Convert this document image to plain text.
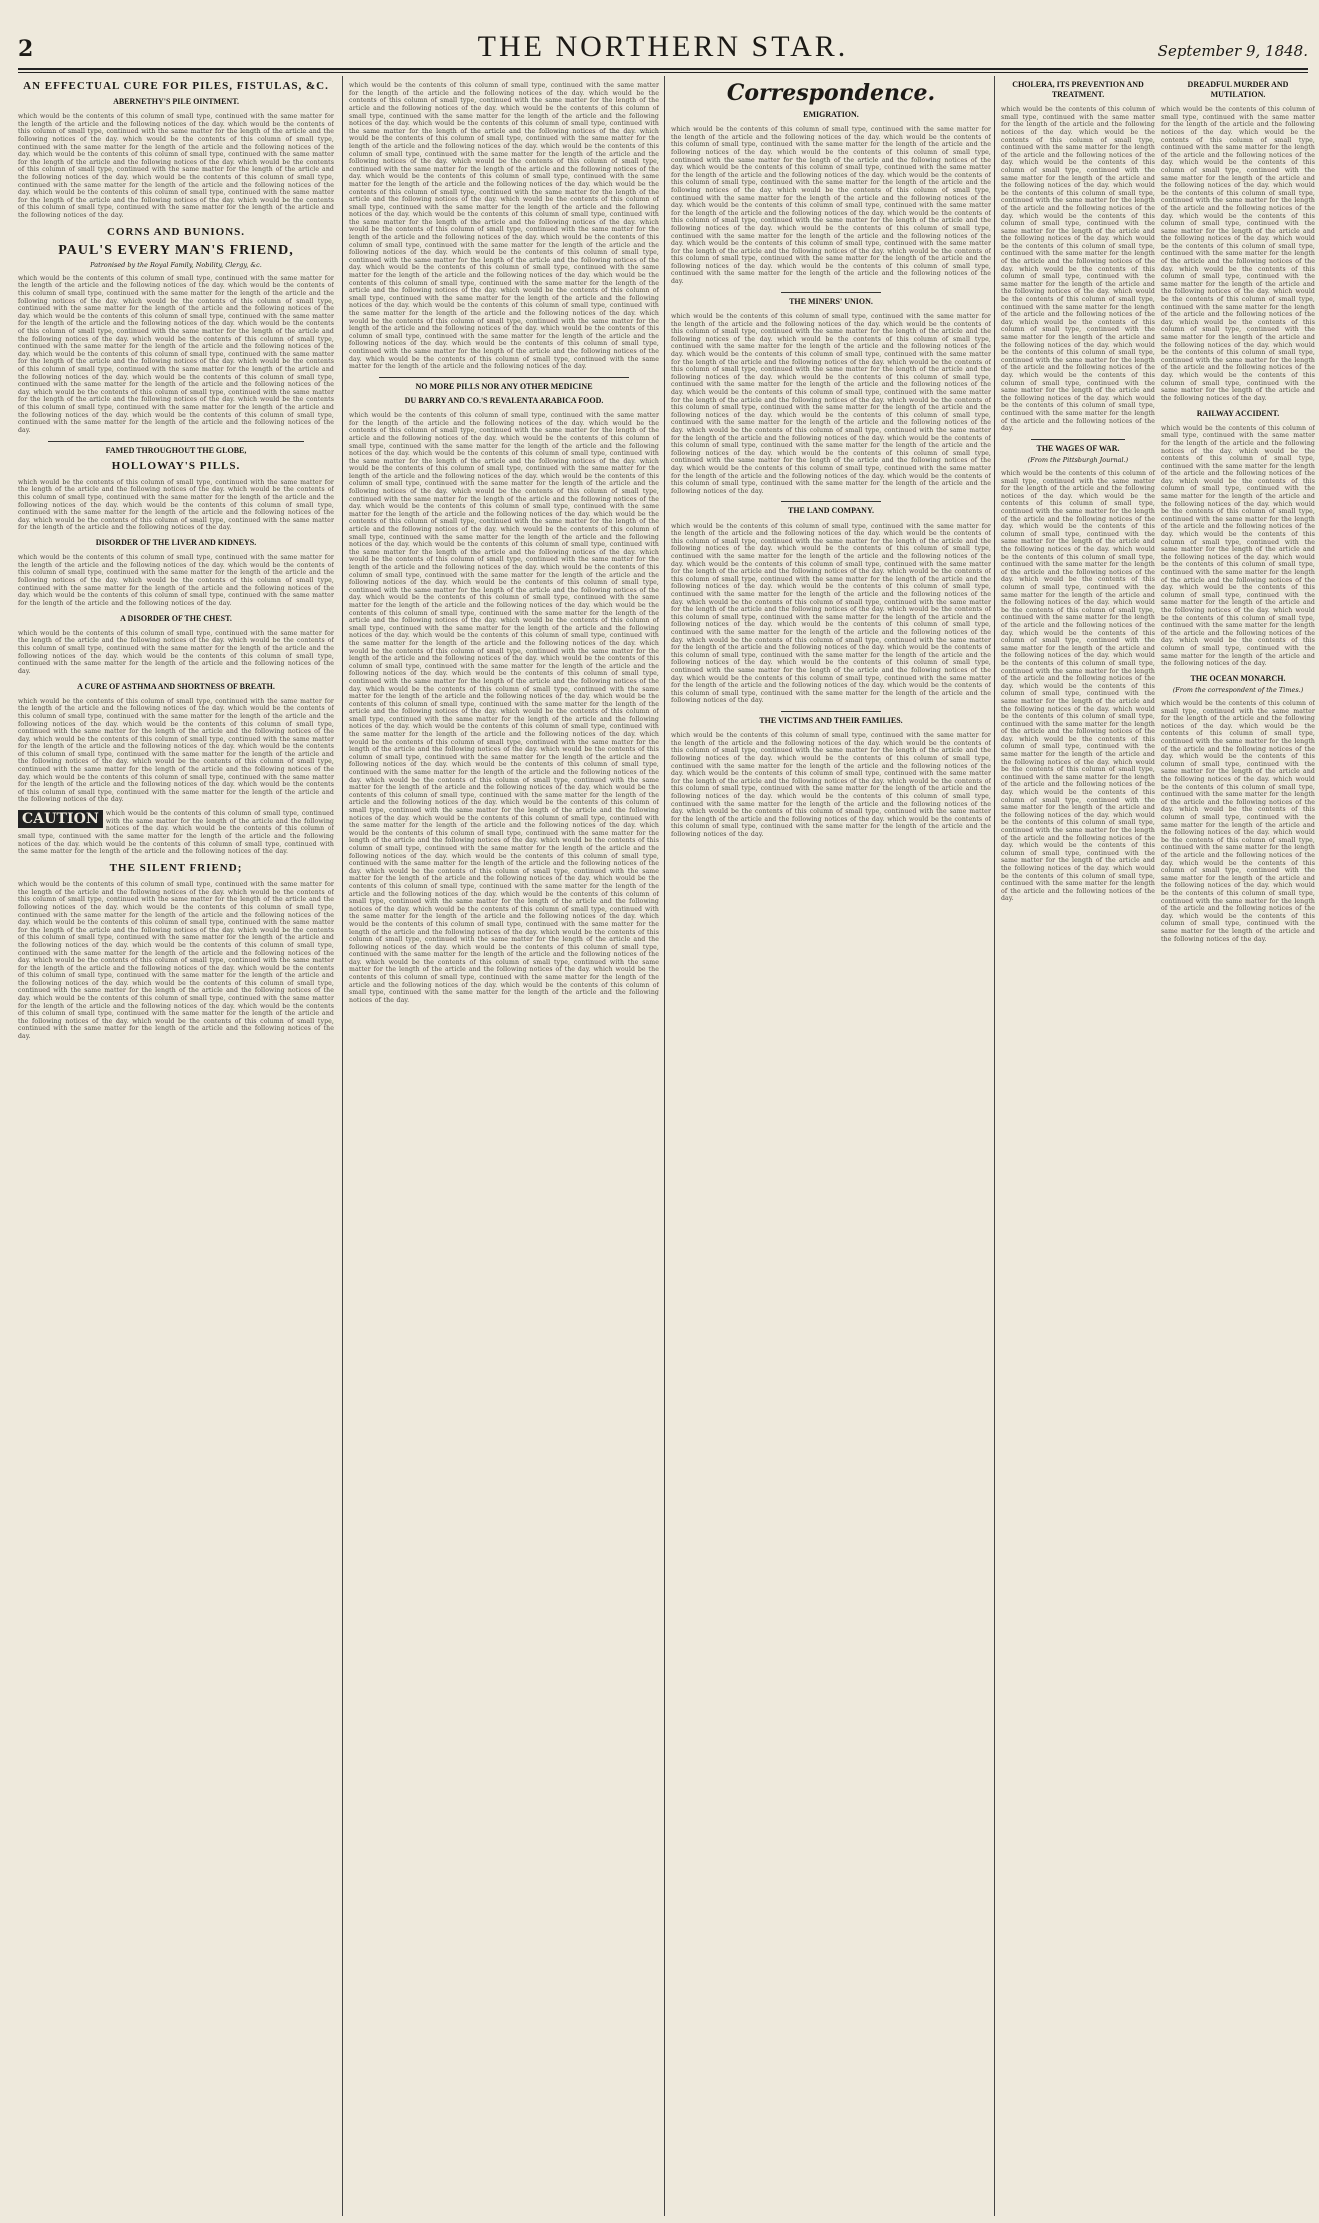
2	THE NORTHERN STAR.	September 9, 1848.
AN EFFECTUAL CURE FOR PILES, FISTULAS, &C.
ABERNETHY'S PILE OINTMENT.

which would be the contents of this column of small type, continued with the same matter for the length of the article and the following notices of the day. which would be the contents of this column of small type, continued with the same matter for the length of the article and the following notices of the day. which would be the contents of this column of small type, continued with the same matter for the length of the article and the following notices of the day. which would be the contents of this column of small type, continued with the same matter for the length of the article and the following notices of the day. which would be the contents of this column of small type, continued with the same matter for the length of the article and the following notices of the day. which would be the contents of this column of small type, continued with the same matter for the length of the article and the following notices of the day. which would be the contents of this column of small type, continued with the same matter for the length of the article and the following notices of the day. which would be the contents of this column of small type, continued with the same matter for the length of the article and the following notices of the day.

CORNS AND BUNIONS.
PAUL'S EVERY MAN'S FRIEND,
Patronised by the Royal Family, Nobility, Clergy, &c.

which would be the contents of this column of small type, continued with the same matter for the length of the article and the following notices of the day. which would be the contents of this column of small type, continued with the same matter for the length of the article and the following notices of the day. which would be the contents of this column of small type, continued with the same matter for the length of the article and the following notices of the day. which would be the contents of this column of small type, continued with the same matter for the length of the article and the following notices of the day. which would be the contents of this column of small type, continued with the same matter for the length of the article and the following notices of the day. which would be the contents of this column of small type, continued with the same matter for the length of the article and the following notices of the day. which would be the contents of this column of small type, continued with the same matter for the length of the article and the following notices of the day. which would be the contents of this column of small type, continued with the same matter for the length of the article and the following notices of the day. which would be the contents of this column of small type, continued with the same matter for the length of the article and the following notices of the day. which would be the contents of this column of small type, continued with the same matter for the length of the article and the following notices of the day. which would be the contents of this column of small type, continued with the same matter for the length of the article and the following notices of the day. which would be the contents of this column of small type, continued with the same matter for the length of the article and the following notices of the day.

FAMED THROUGHOUT THE GLOBE,
HOLLOWAY'S PILLS.

which would be the contents of this column of small type, continued with the same matter for the length of the article and the following notices of the day. which would be the contents of this column of small type, continued with the same matter for the length of the article and the following notices of the day. which would be the contents of this column of small type, continued with the same matter for the length of the article and the following notices of the day. which would be the contents of this column of small type, continued with the same matter for the length of the article and the following notices of the day.

DISORDER OF THE LIVER AND KIDNEYS.

which would be the contents of this column of small type, continued with the same matter for the length of the article and the following notices of the day. which would be the contents of this column of small type, continued with the same matter for the length of the article and the following notices of the day. which would be the contents of this column of small type, continued with the same matter for the length of the article and the following notices of the day. which would be the contents of this column of small type, continued with the same matter for the length of the article and the following notices of the day.

A DISORDER OF THE CHEST.

which would be the contents of this column of small type, continued with the same matter for the length of the article and the following notices of the day. which would be the contents of this column of small type, continued with the same matter for the length of the article and the following notices of the day. which would be the contents of this column of small type, continued with the same matter for the length of the article and the following notices of the day.

A CURE OF ASTHMA AND SHORTNESS OF BREATH.

which would be the contents of this column of small type, continued with the same matter for the length of the article and the following notices of the day. which would be the contents of this column of small type, continued with the same matter for the length of the article and the following notices of the day. which would be the contents of this column of small type, continued with the same matter for the length of the article and the following notices of the day. which would be the contents of this column of small type, continued with the same matter for the length of the article and the following notices of the day. which would be the contents of this column of small type, continued with the same matter for the length of the article and the following notices of the day. which would be the contents of this column of small type, continued with the same matter for the length of the article and the following notices of the day. which would be the contents of this column of small type, continued with the same matter for the length of the article and the following notices of the day. which would be the contents of this column of small type, continued with the same matter for the length of the article and the following notices of the day.

CAUTION	which would be the contents of this column of small type, continued with the same matter for the length of the article and the following notices of the day. which would be the contents of this column of small type, continued with the same matter for the length of the article and the following notices of the day. which would be the contents of this column of small type, continued with the same matter for the length of the article and the following notices of the day.

THE SILENT FRIEND;

which would be the contents of this column of small type, continued with the same matter for the length of the article and the following notices of the day. which would be the contents of this column of small type, continued with the same matter for the length of the article and the following notices of the day. which would be the contents of this column of small type, continued with the same matter for the length of the article and the following notices of the day. which would be the contents of this column of small type, continued with the same matter for the length of the article and the following notices of the day. which would be the contents of this column of small type, continued with the same matter for the length of the article and the following notices of the day. which would be the contents of this column of small type, continued with the same matter for the length of the article and the following notices of the day. which would be the contents of this column of small type, continued with the same matter for the length of the article and the following notices of the day. which would be the contents of this column of small type, continued with the same matter for the length of the article and the following notices of the day. which would be the contents of this column of small type, continued with the same matter for the length of the article and the following notices of the day. which would be the contents of this column of small type, continued with the same matter for the length of the article and the following notices of the day. which would be the contents of this column of small type, continued with the same matter for the length of the article and the following notices of the day. which would be the contents of this column of small type, continued with the same matter for the length of the article and the following notices of the day.

which would be the contents of this column of small type, continued with the same matter for the length of the article and the following notices of the day. which would be the contents of this column of small type, continued with the same matter for the length of the article and the following notices of the day. which would be the contents of this column of small type, continued with the same matter for the length of the article and the following notices of the day. which would be the contents of this column of small type, continued with the same matter for the length of the article and the following notices of the day. which would be the contents of this column of small type, continued with the same matter for the length of the article and the following notices of the day. which would be the contents of this column of small type, continued with the same matter for the length of the article and the following notices of the day. which would be the contents of this column of small type, continued with the same matter for the length of the article and the following notices of the day. which would be the contents of this column of small type, continued with the same matter for the length of the article and the following notices of the day. which would be the contents of this column of small type, continued with the same matter for the length of the article and the following notices of the day. which would be the contents of this column of small type, continued with the same matter for the length of the article and the following notices of the day. which would be the contents of this column of small type, continued with the same matter for the length of the article and the following notices of the day. which would be the contents of this column of small type, continued with the same matter for the length of the article and the following notices of the day. which would be the contents of this column of small type, continued with the same matter for the length of the article and the following notices of the day. which would be the contents of this column of small type, continued with the same matter for the length of the article and the following notices of the day. which would be the contents of this column of small type, continued with the same matter for the length of the article and the following notices of the day. which would be the contents of this column of small type, continued with the same matter for the length of the article and the following notices of the day. which would be the contents of this column of small type, continued with the same matter for the length of the article and the following notices of the day. which would be the contents of this column of small type, continued with the same matter for the length of the article and the following notices of the day. which would be the contents of this column of small type, continued with the same matter for the length of the article and the following notices of the day. which would be the contents of this column of small type, continued with the same matter for the length of the article and the following notices of the day. which would be the contents of this column of small type, continued with the same matter for the length of the article and the following notices of the day. which would be the contents of this column of small type, continued with the same matter for the length of the article and the following notices of the day.

NO MORE PILLS NOR ANY OTHER MEDICINE
DU BARRY AND CO.'S REVALENTA ARABICA FOOD.

which would be the contents of this column of small type, continued with the same matter for the length of the article and the following notices of the day. which would be the contents of this column of small type, continued with the same matter for the length of the article and the following notices of the day. which would be the contents of this column of small type, continued with the same matter for the length of the article and the following notices of the day. which would be the contents of this column of small type, continued with the same matter for the length of the article and the following notices of the day. which would be the contents of this column of small type, continued with the same matter for the length of the article and the following notices of the day. which would be the contents of this column of small type, continued with the same matter for the length of the article and the following notices of the day. which would be the contents of this column of small type, continued with the same matter for the length of the article and the following notices of the day. which would be the contents of this column of small type, continued with the same matter for the length of the article and the following notices of the day. which would be the contents of this column of small type, continued with the same matter for the length of the article and the following notices of the day. which would be the contents of this column of small type, continued with the same matter for the length of the article and the following notices of the day. which would be the contents of this column of small type, continued with the same matter for the length of the article and the following notices of the day. which would be the contents of this column of small type, continued with the same matter for the length of the article and the following notices of the day. which would be the contents of this column of small type, continued with the same matter for the length of the article and the following notices of the day. which would be the contents of this column of small type, continued with the same matter for the length of the article and the following notices of the day. which would be the contents of this column of small type, continued with the same matter for the length of the article and the following notices of the day. which would be the contents of this column of small type, continued with the same matter for the length of the article and the following notices of the day. which would be the contents of this column of small type, continued with the same matter for the length of the article and the following notices of the day. which would be the contents of this column of small type, continued with the same matter for the length of the article and the following notices of the day. which would be the contents of this column of small type, continued with the same matter for the length of the article and the following notices of the day. which would be the contents of this column of small type, continued with the same matter for the length of the article and the following notices of the day. which would be the contents of this column of small type, continued with the same matter for the length of the article and the following notices of the day. which would be the contents of this column of small type, continued with the same matter for the length of the article and the following notices of the day. which would be the contents of this column of small type, continued with the same matter for the length of the article and the following notices of the day. which would be the contents of this column of small type, continued with the same matter for the length of the article and the following notices of the day. which would be the contents of this column of small type, continued with the same matter for the length of the article and the following notices of the day. which would be the contents of this column of small type, continued with the same matter for the length of the article and the following notices of the day. which would be the contents of this column of small type, continued with the same matter for the length of the article and the following notices of the day. which would be the contents of this column of small type, continued with the same matter for the length of the article and the following notices of the day. which would be the contents of this column of small type, continued with the same matter for the length of the article and the following notices of the day. which would be the contents of this column of small type, continued with the same matter for the length of the article and the following notices of the day. which would be the contents of this column of small type, continued with the same matter for the length of the article and the following notices of the day. which would be the contents of this column of small type, continued with the same matter for the length of the article and the following notices of the day. which would be the contents of this column of small type, continued with the same matter for the length of the article and the following notices of the day. which would be the contents of this column of small type, continued with the same matter for the length of the article and the following notices of the day. which would be the contents of this column of small type, continued with the same matter for the length of the article and the following notices of the day. which would be the contents of this column of small type, continued with the same matter for the length of the article and the following notices of the day. which would be the contents of this column of small type, continued with the same matter for the length of the article and the following notices of the day. which would be the contents of this column of small type, continued with the same matter for the length of the article and the following notices of the day. which would be the contents of this column of small type, continued with the same matter for the length of the article and the following notices of the day. which would be the contents of this column of small type, continued with the same matter for the length of the article and the following notices of the day. which would be the contents of this column of small type, continued with the same matter for the length of the article and the following notices of the day. which would be the contents of this column of small type, continued with the same matter for the length of the article and the following notices of the day. which would be the contents of this column of small type, continued with the same matter for the length of the article and the following notices of the day. which would be the contents of this column of small type, continued with the same matter for the length of the article and the following notices of the day. which would be the contents of this column of small type, continued with the same matter for the length of the article and the following notices of the day.

Correspondence.
EMIGRATION.

which would be the contents of this column of small type, continued with the same matter for the length of the article and the following notices of the day. which would be the contents of this column of small type, continued with the same matter for the length of the article and the following notices of the day. which would be the contents of this column of small type, continued with the same matter for the length of the article and the following notices of the day. which would be the contents of this column of small type, continued with the same matter for the length of the article and the following notices of the day. which would be the contents of this column of small type, continued with the same matter for the length of the article and the following notices of the day. which would be the contents of this column of small type, continued with the same matter for the length of the article and the following notices of the day. which would be the contents of this column of small type, continued with the same matter for the length of the article and the following notices of the day. which would be the contents of this column of small type, continued with the same matter for the length of the article and the following notices of the day. which would be the contents of this column of small type, continued with the same matter for the length of the article and the following notices of the day. which would be the contents of this column of small type, continued with the same matter for the length of the article and the following notices of the day. which would be the contents of this column of small type, continued with the same matter for the length of the article and the following notices of the day. which would be the contents of this column of small type, continued with the same matter for the length of the article and the following notices of the day.

THE MINERS' UNION.

which would be the contents of this column of small type, continued with the same matter for the length of the article and the following notices of the day. which would be the contents of this column of small type, continued with the same matter for the length of the article and the following notices of the day. which would be the contents of this column of small type, continued with the same matter for the length of the article and the following notices of the day. which would be the contents of this column of small type, continued with the same matter for the length of the article and the following notices of the day. which would be the contents of this column of small type, continued with the same matter for the length of the article and the following notices of the day. which would be the contents of this column of small type, continued with the same matter for the length of the article and the following notices of the day. which would be the contents of this column of small type, continued with the same matter for the length of the article and the following notices of the day. which would be the contents of this column of small type, continued with the same matter for the length of the article and the following notices of the day. which would be the contents of this column of small type, continued with the same matter for the length of the article and the following notices of the day. which would be the contents of this column of small type, continued with the same matter for the length of the article and the following notices of the day. which would be the contents of this column of small type, continued with the same matter for the length of the article and the following notices of the day. which would be the contents of this column of small type, continued with the same matter for the length of the article and the following notices of the day. which would be the contents of this column of small type, continued with the same matter for the length of the article and the following notices of the day. which would be the contents of this column of small type, continued with the same matter for the length of the article and the following notices of the day.

THE LAND COMPANY.

which would be the contents of this column of small type, continued with the same matter for the length of the article and the following notices of the day. which would be the contents of this column of small type, continued with the same matter for the length of the article and the following notices of the day. which would be the contents of this column of small type, continued with the same matter for the length of the article and the following notices of the day. which would be the contents of this column of small type, continued with the same matter for the length of the article and the following notices of the day. which would be the contents of this column of small type, continued with the same matter for the length of the article and the following notices of the day. which would be the contents of this column of small type, continued with the same matter for the length of the article and the following notices of the day. which would be the contents of this column of small type, continued with the same matter for the length of the article and the following notices of the day. which would be the contents of this column of small type, continued with the same matter for the length of the article and the following notices of the day. which would be the contents of this column of small type, continued with the same matter for the length of the article and the following notices of the day. which would be the contents of this column of small type, continued with the same matter for the length of the article and the following notices of the day. which would be the contents of this column of small type, continued with the same matter for the length of the article and the following notices of the day. which would be the contents of this column of small type, continued with the same matter for the length of the article and the following notices of the day. which would be the contents of this column of small type, continued with the same matter for the length of the article and the following notices of the day. which would be the contents of this column of small type, continued with the same matter for the length of the article and the following notices of the day.

THE VICTIMS AND THEIR FAMILIES.

which would be the contents of this column of small type, continued with the same matter for the length of the article and the following notices of the day. which would be the contents of this column of small type, continued with the same matter for the length of the article and the following notices of the day. which would be the contents of this column of small type, continued with the same matter for the length of the article and the following notices of the day. which would be the contents of this column of small type, continued with the same matter for the length of the article and the following notices of the day. which would be the contents of this column of small type, continued with the same matter for the length of the article and the following notices of the day. which would be the contents of this column of small type, continued with the same matter for the length of the article and the following notices of the day. which would be the contents of this column of small type, continued with the same matter for the length of the article and the following notices of the day. which would be the contents of this column of small type, continued with the same matter for the length of the article and the following notices of the day.

CHOLERA, ITS PREVENTION AND TREATMENT.

which would be the contents of this column of small type, continued with the same matter for the length of the article and the following notices of the day. which would be the contents of this column of small type, continued with the same matter for the length of the article and the following notices of the day. which would be the contents of this column of small type, continued with the same matter for the length of the article and the following notices of the day. which would be the contents of this column of small type, continued with the same matter for the length of the article and the following notices of the day. which would be the contents of this column of small type, continued with the same matter for the length of the article and the following notices of the day. which would be the contents of this column of small type, continued with the same matter for the length of the article and the following notices of the day. which would be the contents of this column of small type, continued with the same matter for the length of the article and the following notices of the day. which would be the contents of this column of small type, continued with the same matter for the length of the article and the following notices of the day. which would be the contents of this column of small type, continued with the same matter for the length of the article and the following notices of the day. which would be the contents of this column of small type, continued with the same matter for the length of the article and the following notices of the day. which would be the contents of this column of small type, continued with the same matter for the length of the article and the following notices of the day. which would be the contents of this column of small type, continued with the same matter for the length of the article and the following notices of the day.

THE WAGES OF WAR.
(From the Pittsburgh Journal.)

which would be the contents of this column of small type, continued with the same matter for the length of the article and the following notices of the day. which would be the contents of this column of small type, continued with the same matter for the length of the article and the following notices of the day. which would be the contents of this column of small type, continued with the same matter for the length of the article and the following notices of the day. which would be the contents of this column of small type, continued with the same matter for the length of the article and the following notices of the day. which would be the contents of this column of small type, continued with the same matter for the length of the article and the following notices of the day. which would be the contents of this column of small type, continued with the same matter for the length of the article and the following notices of the day. which would be the contents of this column of small type, continued with the same matter for the length of the article and the following notices of the day. which would be the contents of this column of small type, continued with the same matter for the length of the article and the following notices of the day. which would be the contents of this column of small type, continued with the same matter for the length of the article and the following notices of the day. which would be the contents of this column of small type, continued with the same matter for the length of the article and the following notices of the day. which would be the contents of this column of small type, continued with the same matter for the length of the article and the following notices of the day. which would be the contents of this column of small type, continued with the same matter for the length of the article and the following notices of the day. which would be the contents of this column of small type, continued with the same matter for the length of the article and the following notices of the day. which would be the contents of this column of small type, continued with the same matter for the length of the article and the following notices of the day. which would be the contents of this column of small type, continued with the same matter for the length of the article and the following notices of the day. which would be the contents of this column of small type, continued with the same matter for the length of the article and the following notices of the day.

DREADFUL MURDER AND MUTILATION.

which would be the contents of this column of small type, continued with the same matter for the length of the article and the following notices of the day. which would be the contents of this column of small type, continued with the same matter for the length of the article and the following notices of the day. which would be the contents of this column of small type, continued with the same matter for the length of the article and the following notices of the day. which would be the contents of this column of small type, continued with the same matter for the length of the article and the following notices of the day. which would be the contents of this column of small type, continued with the same matter for the length of the article and the following notices of the day. which would be the contents of this column of small type, continued with the same matter for the length of the article and the following notices of the day. which would be the contents of this column of small type, continued with the same matter for the length of the article and the following notices of the day. which would be the contents of this column of small type, continued with the same matter for the length of the article and the following notices of the day. which would be the contents of this column of small type, continued with the same matter for the length of the article and the following notices of the day. which would be the contents of this column of small type, continued with the same matter for the length of the article and the following notices of the day. which would be the contents of this column of small type, continued with the same matter for the length of the article and the following notices of the day.

RAILWAY ACCIDENT.

which would be the contents of this column of small type, continued with the same matter for the length of the article and the following notices of the day. which would be the contents of this column of small type, continued with the same matter for the length of the article and the following notices of the day. which would be the contents of this column of small type, continued with the same matter for the length of the article and the following notices of the day. which would be the contents of this column of small type, continued with the same matter for the length of the article and the following notices of the day. which would be the contents of this column of small type, continued with the same matter for the length of the article and the following notices of the day. which would be the contents of this column of small type, continued with the same matter for the length of the article and the following notices of the day. which would be the contents of this column of small type, continued with the same matter for the length of the article and the following notices of the day. which would be the contents of this column of small type, continued with the same matter for the length of the article and the following notices of the day. which would be the contents of this column of small type, continued with the same matter for the length of the article and the following notices of the day.

THE OCEAN MONARCH.
(From the correspondent of the Times.)

which would be the contents of this column of small type, continued with the same matter for the length of the article and the following notices of the day. which would be the contents of this column of small type, continued with the same matter for the length of the article and the following notices of the day. which would be the contents of this column of small type, continued with the same matter for the length of the article and the following notices of the day. which would be the contents of this column of small type, continued with the same matter for the length of the article and the following notices of the day. which would be the contents of this column of small type, continued with the same matter for the length of the article and the following notices of the day. which would be the contents of this column of small type, continued with the same matter for the length of the article and the following notices of the day. which would be the contents of this column of small type, continued with the same matter for the length of the article and the following notices of the day. which would be the contents of this column of small type, continued with the same matter for the length of the article and the following notices of the day. which would be the contents of this column of small type, continued with the same matter for the length of the article and the following notices of the day.
